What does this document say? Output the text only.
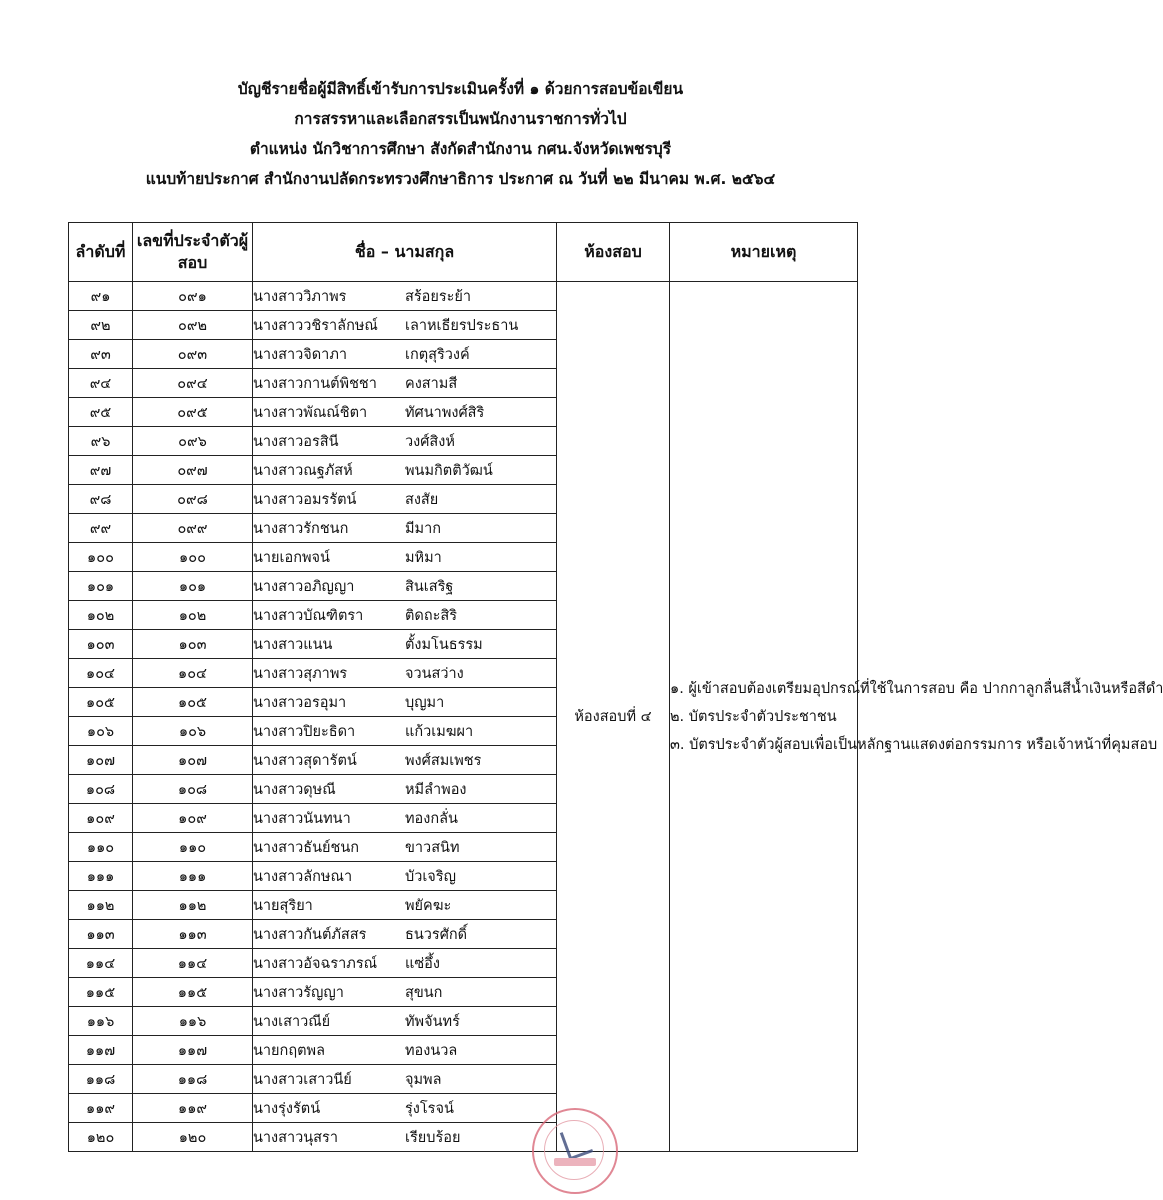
บัญชีรายชื่อผู้มีสิทธิ์เข้ารับการประเมินครั้งที่ ๑ ด้วยการสอบข้อเขียน
การสรรหาและเลือกสรรเป็นพนักงานราชการทั่วไป
ตำแหน่ง นักวิชาการศึกษา สังกัดสำนักงาน กศน.จังหวัดเพชรบุรี
แนบท้ายประกาศ สำนักงานปลัดกระทรวงศึกษาธิการ ประกาศ ณ วันที่ ๒๒ มีนาคม พ.ศ. ๒๕๖๔
ลำดับที่	เลขที่ประจำตัวผู้สอบ	ชื่อ – นามสกุล	ห้องสอบ	หมายเหตุ
๙๑	๐๙๑	นางสาววิภาพร สร้อยระย้า	ห้องสอบที่ ๔	๑. ผู้เข้าสอบต้องเตรียมอุปกรณ์ที่ใช้ในการสอบ คือ ปากกาลูกลื่นสีน้ำเงินหรือสีดำ
๒. บัตรประจำตัวประชาชน
๓. บัตรประจำตัวผู้สอบเพื่อเป็นหลักฐานแสดงต่อกรรมการ หรือเจ้าหน้าที่คุมสอบ

๙๒	๐๙๒	นางสาววชิราลักษณ์ เลาหเธียรประธาน		
๙๓	๐๙๓	นางสาวจิดาภา เกตุสุริวงค์		
๙๔	๐๙๔	นางสาวกานต์พิชชา คงสามสี		
๙๕	๐๙๕	นางสาวพัณณ์ชิตา ทัศนาพงศ์สิริ		
๙๖	๐๙๖	นางสาวอรสินี วงศ์สิงห์		
๙๗	๐๙๗	นางสาวณฐภัสห์ พนมกิตติวัฒน์		
๙๘	๐๙๘	นางสาวอมรรัตน์ สงสัย		
๙๙	๐๙๙	นางสาวรักชนก มีมาก		
๑๐๐	๑๐๐	นายเอกพจน์ มหิมา		
๑๐๑	๑๐๑	นางสาวอภิญญา สินเสริฐ		
๑๐๒	๑๐๒	นางสาวบัณฑิตรา ติดถะสิริ		
๑๐๓	๑๐๓	นางสาวแนน ตั้งมโนธรรม		
๑๐๔	๑๐๔	นางสาวสุภาพร จวนสว่าง		
๑๐๕	๑๐๕	นางสาวอรอุมา บุญมา		
๑๐๖	๑๐๖	นางสาวปิยะธิดา แก้วเมฆผา		
๑๐๗	๑๐๗	นางสาวสุดารัตน์ พงศ์สมเพชร		
๑๐๘	๑๐๘	นางสาวดุษณี หมีลำพอง		
๑๐๙	๑๐๙	นางสาวนันทนา ทองกลั่น		
๑๑๐	๑๑๐	นางสาวธันย์ชนก ขาวสนิท		
๑๑๑	๑๑๑	นางสาวลักษณา บัวเจริญ		
๑๑๒	๑๑๒	นายสุริยา พยัคฆะ		
๑๑๓	๑๑๓	นางสาวกันต์ภัสสร ธนวรศักดิ์		
๑๑๔	๑๑๔	นางสาวอัจฉราภรณ์ แซ่อึ้ง		
๑๑๕	๑๑๕	นางสาวรัญญา สุขนก		
๑๑๖	๑๑๖	นางเสาวณีย์ ทัพจันทร์		
๑๑๗	๑๑๗	นายกฤตพล ทองนวล		
๑๑๘	๑๑๘	นางสาวเสาวนีย์ จุมพล		
๑๑๙	๑๑๙	นางรุ่งรัตน์ รุ่งโรจน์		
๑๒๐	๑๒๐	นางสาวนุสรา เรียบร้อย		
